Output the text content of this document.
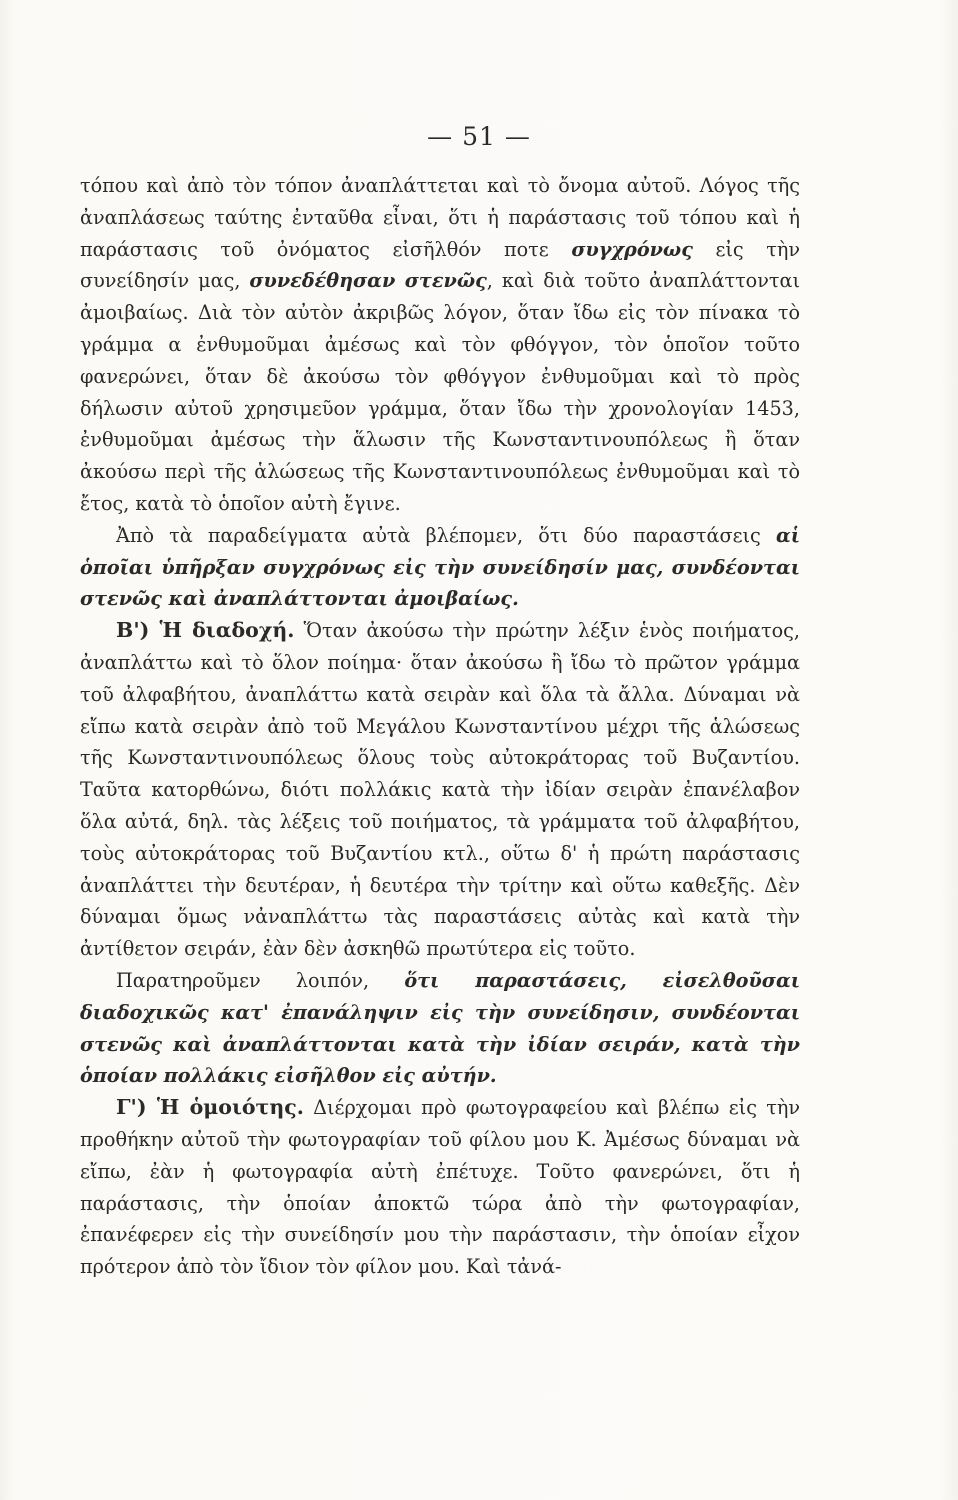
— 51 —

τόπου καὶ ἀπὸ τὸν τόπον ἀναπλάττεται καὶ τὸ ὄνομα αὐτοῦ. Λόγος τῆς ἀναπλάσεως ταύτης ἐνταῦθα εἶναι, ὅτι ἡ παράστασις τοῦ τόπου καὶ ἡ παράστασις τοῦ ὀνόματος εἰσῆλθόν ποτε συγχρόνως εἰς τὴν συνείδησίν μας, συνεδέθησαν στενῶς, καὶ διὰ τοῦτο ἀναπλάττονται ἀμοιβαίως. Διὰ τὸν αὐτὸν ἀκριβῶς λόγον, ὅταν ἴδω εἰς τὸν πίνακα τὸ γράμμα α ἐνθυμοῦμαι ἀμέσως καὶ τὸν φθόγγον, τὸν ὁποῖον τοῦτο φανερώνει, ὅταν δὲ ἀκούσω τὸν φθόγγον ἐνθυμοῦμαι καὶ τὸ πρὸς δήλωσιν αὐτοῦ χρησιμεῦον γράμμα, ὅταν ἴδω τὴν χρονολογίαν 1453, ἐνθυμοῦμαι ἀμέσως τὴν ἅλωσιν τῆς Κωνσταντινουπόλεως ἢ ὅταν ἀκούσω περὶ τῆς ἁλώσεως τῆς Κωνσταντινουπόλεως ἐνθυμοῦμαι καὶ τὸ ἔτος, κατὰ τὸ ὁποῖον αὐτὴ ἔγινε.

Ἀπὸ τὰ παραδείγματα αὐτὰ βλέπομεν, ὅτι δύο παραστάσεις αἱ ὁποῖαι ὑπῆρξαν συγχρόνως εἰς τὴν συνείδησίν μας, συνδέονται στενῶς καὶ ἀναπλάττονται ἀμοιβαίως.

Β') Ἡ διαδοχή. Ὅταν ἀκούσω τὴν πρώτην λέξιν ἑνὸς ποιήματος, ἀναπλάττω καὶ τὸ ὅλον ποίημα· ὅταν ἀκούσω ἢ ἴδω τὸ πρῶτον γράμμα τοῦ ἀλφαβήτου, ἀναπλάττω κατὰ σειρὰν καὶ ὅλα τὰ ἄλλα. Δύναμαι νὰ εἴπω κατὰ σειρὰν ἀπὸ τοῦ Μεγάλου Κωνσταντίνου μέχρι τῆς ἁλώσεως τῆς Κωνσταντινουπόλεως ὅλους τοὺς αὐτοκράτορας τοῦ Βυζαντίου. Ταῦτα κατορθώνω, διότι πολλάκις κατὰ τὴν ἰδίαν σειρὰν ἐπανέλαβον ὅλα αὐτά, δηλ. τὰς λέξεις τοῦ ποιήματος, τὰ γράμματα τοῦ ἀλφαβήτου, τοὺς αὐτοκράτορας τοῦ Βυζαντίου κτλ., οὕτω δ' ἡ πρώτη παράστασις ἀναπλάττει τὴν δευτέραν, ἡ δευτέρα τὴν τρίτην καὶ οὕτω καθεξῆς. Δὲν δύναμαι ὅμως νἀναπλάττω τὰς παραστάσεις αὐτὰς καὶ κατὰ τὴν ἀντίθετον σειράν, ἐὰν δὲν ἀσκηθῶ πρωτύτερα εἰς τοῦτο.

Παρατηροῦμεν λοιπόν, ὅτι παραστάσεις, εἰσελθοῦσαι διαδοχικῶς κατ' ἐπανάληψιν εἰς τὴν συνείδησιν, συνδέονται στενῶς καὶ ἀναπλάττονται κατὰ τὴν ἰδίαν σειράν, κατὰ τὴν ὁποίαν πολλάκις εἰσῆλθον εἰς αὐτήν.

Γ') Ἡ ὁμοιότης. Διέρχομαι πρὸ φωτογραφείου καὶ βλέπω εἰς τὴν προθήκην αὐτοῦ τὴν φωτογραφίαν τοῦ φίλου μου Κ. Ἀμέσως δύναμαι νὰ εἴπω, ἐὰν ἡ φωτογραφία αὐτὴ ἐπέτυχε. Τοῦτο φανερώνει, ὅτι ἡ παράστασις, τὴν ὁποίαν ἀποκτῶ τώρα ἀπὸ τὴν φωτογραφίαν, ἐπανέφερεν εἰς τὴν συνείδησίν μου τὴν παράστασιν, τὴν ὁποίαν εἶχον πρότερον ἀπὸ τὸν ἴδιον τὸν φίλον μου. Καὶ τἀνά-
